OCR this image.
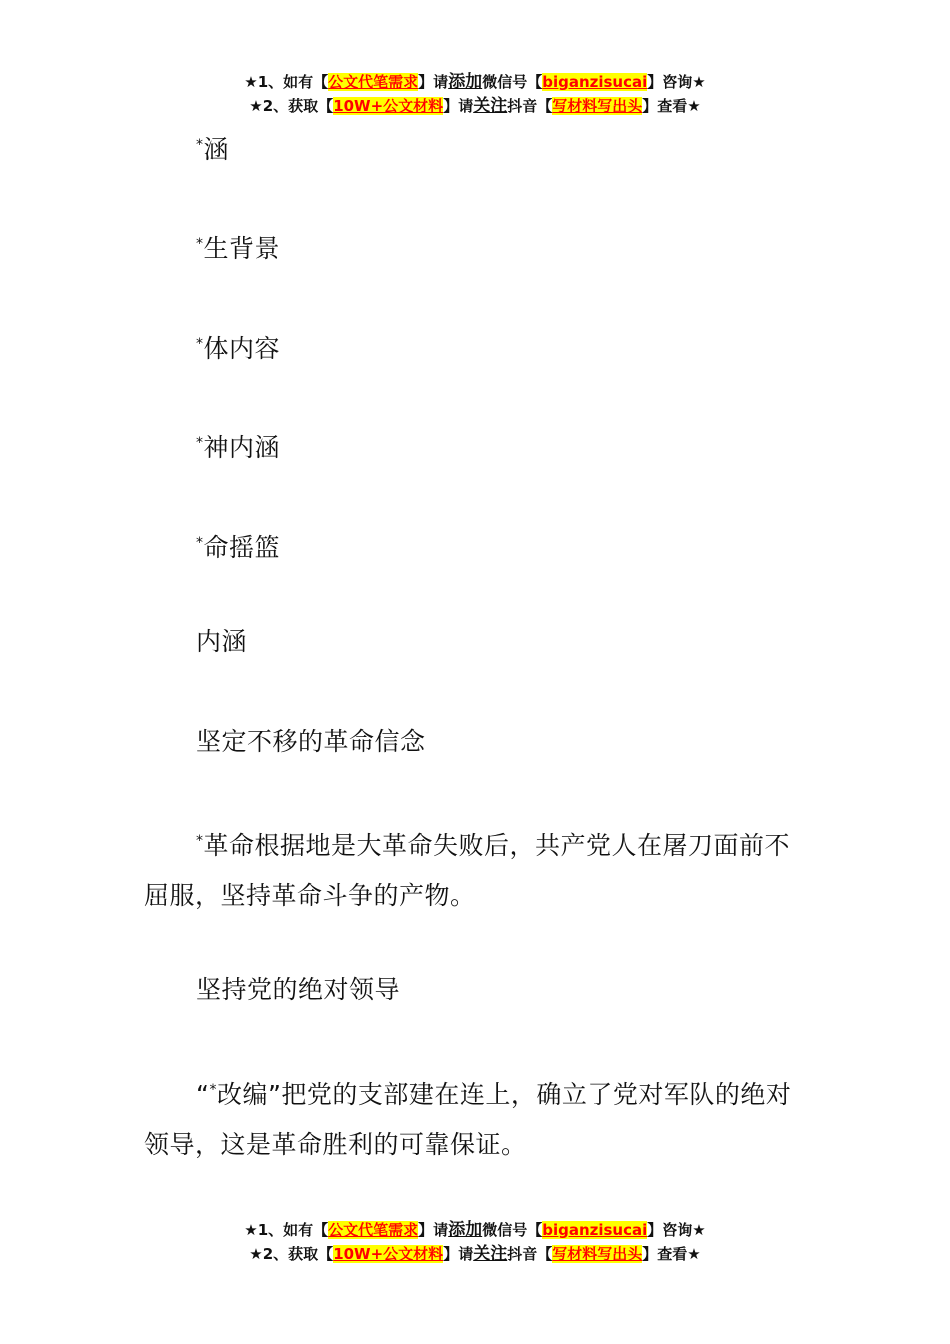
★1、如有【公文代笔需求】请添加微信号【biganzisucai】咨询★
★2、获取【10W+公文材料】请关注抖音【写材料写出头】查看★

*涵

*生背景

*体内容

*神内涵

*命摇篮

内涵

坚定不移的革命信念

*革命根据地是大革命失败后，共产党人在屠刀面前不屈服，坚持革命斗争的产物。

坚持党的绝对领导

“*改编”把党的支部建在连上，确立了党对军队的绝对领导，这是革命胜利的可靠保证。

★1、如有【公文代笔需求】请添加微信号【biganzisucai】咨询★
★2、获取【10W+公文材料】请关注抖音【写材料写出头】查看★
